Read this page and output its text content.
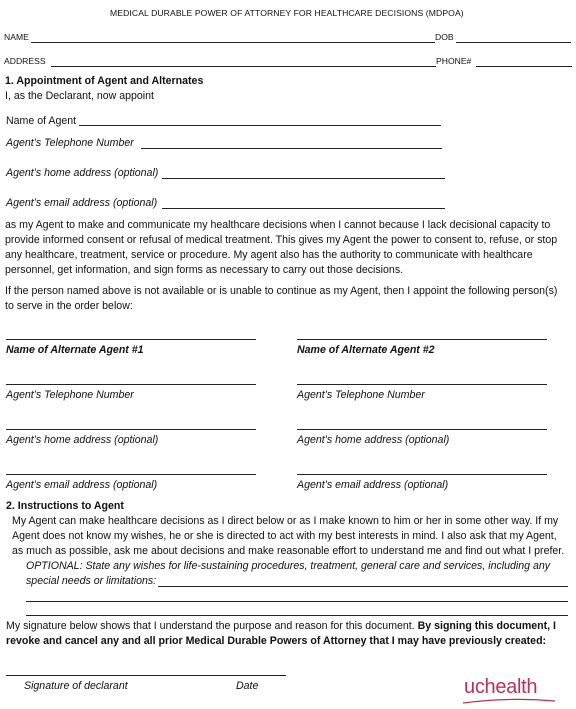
MEDICAL DURABLE POWER OF ATTORNEY FOR HEALTHCARE DECISIONS (MDPOA)
NAME	DOB
ADDRESS	PHONE#
1. Appointment of Agent and Alternates
I, as the Declarant, now appoint
Name of Agent
Agent’s Telephone Number
Agent’s home address (optional)
Agent’s email address (optional)
as my Agent to make and communicate my healthcare decisions when I cannot because I lack decisional capacity to
provide informed consent or refusal of medical treatment. This gives my Agent the power to consent to, refuse, or stop
any healthcare, treatment, service or procedure. My agent also has the authority to communicate with healthcare
personnel, get information, and sign forms as necessary to carry out those decisions.
If the person named above is not available or is unable to continue as my Agent, then I appoint the following person(s)
to serve in the order below:
Name of Alternate Agent #1	Name of Alternate Agent #2
Agent’s Telephone Number	Agent’s Telephone Number
Agent’s home address (optional)	Agent’s home address (optional)
Agent’s email address (optional)	Agent’s email address (optional)
2. Instructions to Agent
My Agent can make healthcare decisions as I direct below or as I make known to him or her in some other way. If my
Agent does not know my wishes, he or she is directed to act with my best interests in mind. I also ask that my Agent,
as much as possible, ask me about decisions and make reasonable effort to understand me and find out what I prefer.
OPTIONAL: State any wishes for life-sustaining procedures, treatment, general care and services, including any
special needs or limitations:
My signature below shows that I understand the purpose and reason for this document. By signing this document, I
revoke and cancel any and all prior Medical Durable Powers of Attorney that I may have previously created:
Signature of declarant	Date	uchealth
